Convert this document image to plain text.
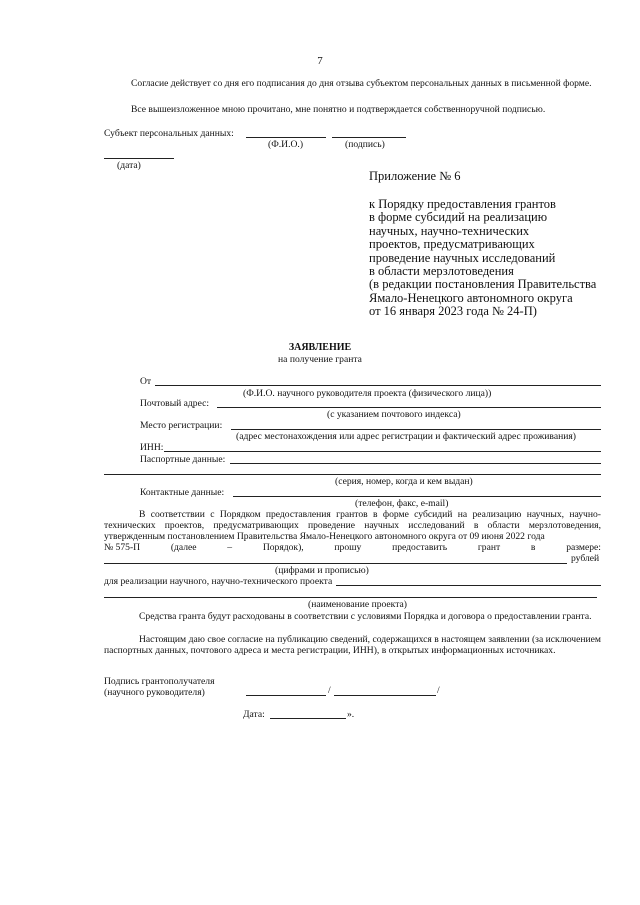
7
Согласие действует со дня его подписания до дня отзыва субъектом персональных данных в письменной форме.
Все вышеизложенное мною прочитано, мне понятно и подтверждается собственноручной подписью.
Субъект персональных данных:
(Ф.И.О.)	(подпись)
(дата)
Приложение № 6
к Порядку предоставления грантов
в форме субсидий на реализацию
научных, научно-технических
проектов, предусматривающих
проведение научных исследований
в области мерзлотоведения
(в редакции постановления Правительства
Ямало-Ненецкого автономного округа
от 16 января 2023 года № 24-П)
ЗАЯВЛЕНИЕ
на получение гранта
От
(Ф.И.О. научного руководителя проекта (физического лица))
Почтовый адрес:
(с указанием почтового индекса)
Место регистрации:
(адрес местонахождения или адрес регистрации и фактический адрес проживания)
ИНН:
Паспортные данные:
(серия, номер, когда и кем выдан)
Контактные данные:
(телефон, факс, e-mail)
В соответствии с Порядком предоставления грантов в форме субсидий на реализацию научных, научно-технических проектов, предусматривающих проведение научных исследований в области мерзлотоведения, утвержденным постановлением Правительства Ямало-Ненецкого автономного округа от 09 июня 2022 года
№ 575-П	(далее	–	Порядок),	прошу	предоставить	грант	в	размере:
рублей
(цифрами и прописью)
для реализации научного, научно-технического проекта
(наименование проекта)
Средства гранта будут расходованы в соответствии с условиями Порядка и договора о предоставлении гранта.
Настоящим даю свое согласие на публикацию сведений, содержащихся в настоящем заявлении (за исключением паспортных данных, почтового адреса и места регистрации, ИНН), в открытых информационных источниках.
Подпись грантополучателя
(научного руководителя)	/	/
Дата:	».
